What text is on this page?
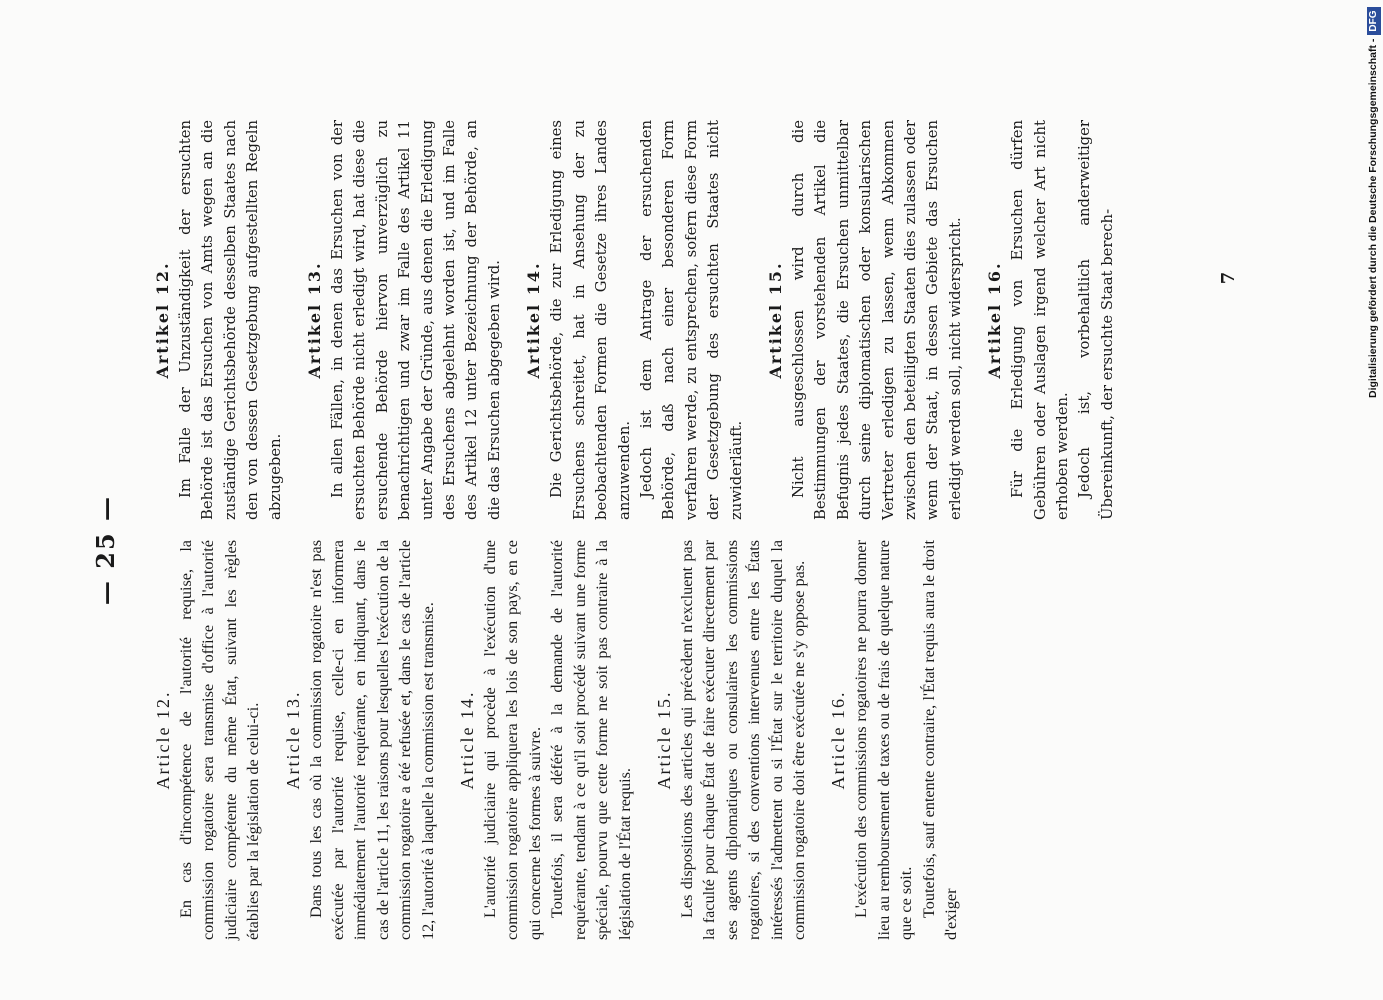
— 25 —
Article 12. En cas d'incompétence de l'autorité requise, la commission rogatoire sera transmise d'office à l'autorité judiciaire compétente du même État, suivant les règles établies par la législation de celui-ci. Article 13. Dans tous les cas où la commission rogatoire n'est pas exécutée par l'autorité requise, celle-ci en informera immédiatement l'autorité requérante, en indiquant, dans le cas de l'article 11, les raisons pour lesquelles l'exécution de la commission rogatoire a été refusée et, dans le cas de l'article 12, l'autorité à laquelle la commission est transmise. Article 14. L'autorité judiciaire qui procède à l'exécution d'une commission rogatoire appliquera les lois de son pays, en ce qui concerne les formes à suivre. Toutefois, il sera déféré à la demande de l'autorité requérante, tendant à ce qu'il soit procédé suivant une forme spéciale, pourvu que cette forme ne soit pas contraire à la législation de l'État requis.

Article 15. Les dispositions des articles qui précèdent n'excluent pas la faculté pour chaque État de faire exécuter directement par ses agents diplomatiques ou consulaires les commissions rogatoires, si des conventions intervenues entre les États intéressés l'admettent ou si l'État sur le territoire duquel la commission rogatoire doit être exécutée ne s'y oppose pas. Article 16. L'exécution des commissions rogatoires ne pourra donner lieu au remboursement de taxes ou de frais de quelque nature que ce soit. Toutefois, sauf entente contraire, l'État requis aura le droit d'exiger

Artikel 12. Im Falle der Unzuständigkeit der ersuchten Behörde ist das Ersuchen von Amts wegen an die zuständige Gerichtsbehörde desselben Staates nach den von dessen Gesetzgebung aufgestellten Regeln abzugeben.

Artikel 13. In allen Fällen, in denen das Ersuchen von der ersuchten Behörde nicht erledigt wird, hat diese die ersuchende Behörde hiervon unverzüglich zu benachrichtigen und zwar im Falle des Artikel 11 unter Angabe der Gründe, aus denen die Erledigung des Ersuchens abgelehnt worden ist, und im Falle des Artikel 12 unter Bezeichnung der Behörde, an die das Ersuchen abgegeben wird. Artikel 14. Die Gerichtsbehörde, die zur Erledigung eines Ersuchens schreitet, hat in Ansehung der zu beobachtenden Formen die Gesetze ihres Landes anzuwenden. Jedoch ist dem Antrage der ersuchenden Behörde, daß nach einer besonderen Form verfahren werde, zu entsprechen, sofern diese Form der Gesetzgebung des ersuchten Staates nicht zuwiderläuft.

Artikel 15. Nicht ausgeschlossen wird durch die Bestimmungen der vorstehenden Artikel die Befugnis jedes Staates, die Ersuchen unmittelbar durch seine diplomatischen oder konsularischen Vertreter erledigen zu lassen, wenn Abkommen zwischen den beteiligten Staaten dies zulassen oder wenn der Staat, in dessen Gebiete das Ersuchen erledigt werden soll, nicht widerspricht. Artikel 16. Für die Erledigung von Ersuchen dürfen Gebühren oder Auslagen irgend welcher Art nicht erhoben werden. Jedoch ist, vorbehaltlich anderweitiger Übereinkunft, der ersuchte Staat berech-	7	Digitalisierung gefördert durch die Deutsche Forschungsgemeinschaft -DFG
